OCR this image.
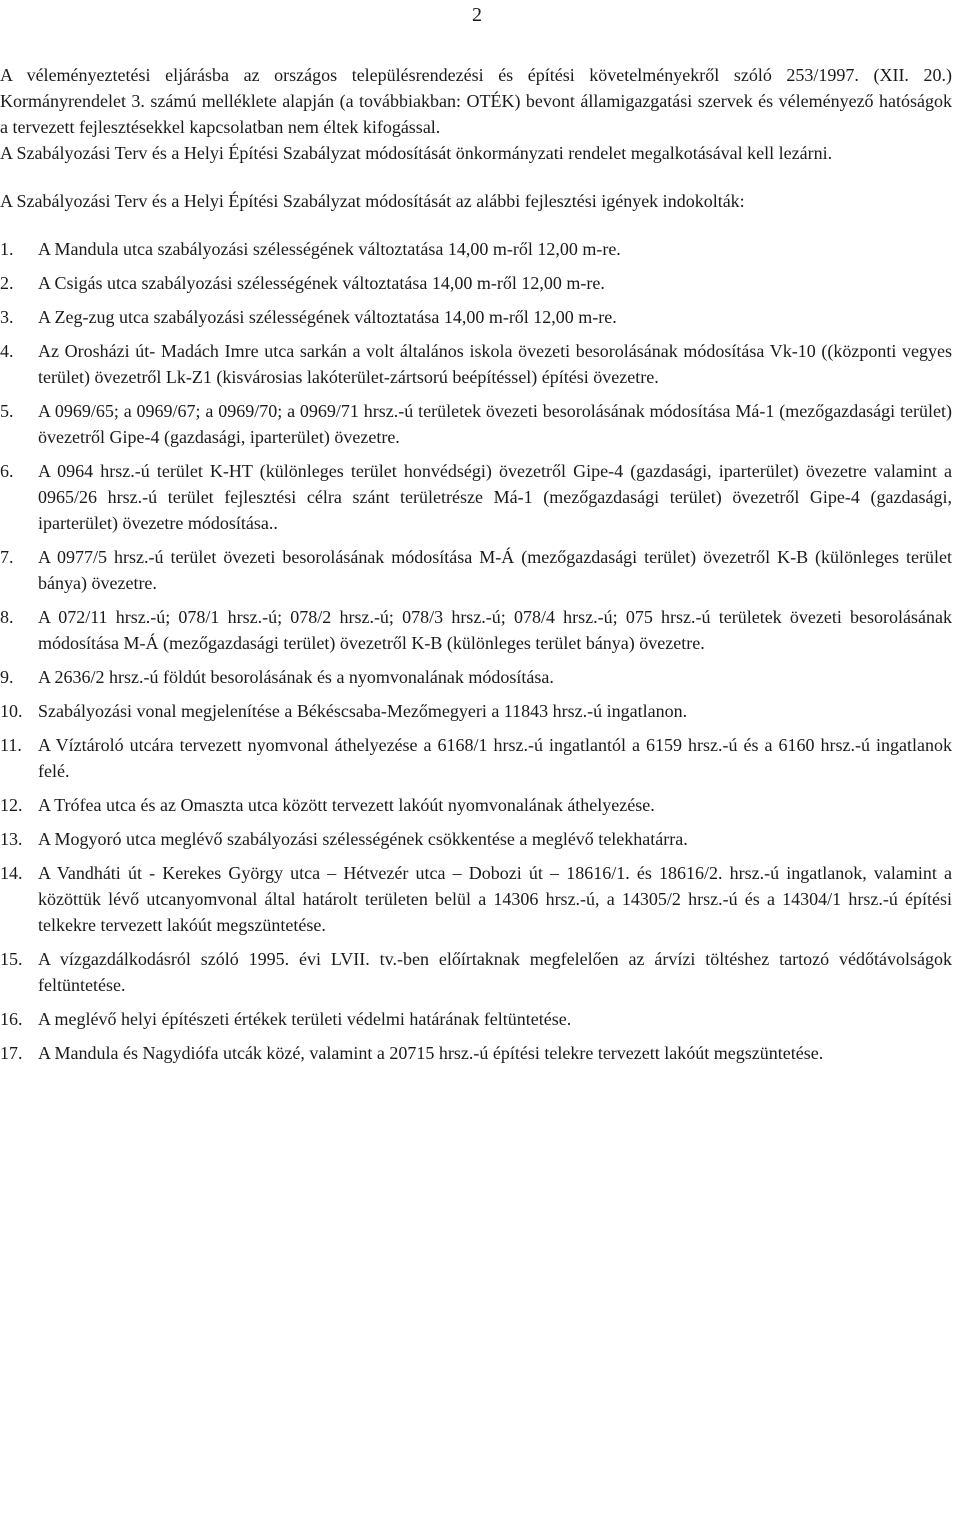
2

A véleményeztetési eljárásba az országos településrendezési és építési követelményekről szóló 253/1997. (XII. 20.) Kormányrendelet 3. számú melléklete alapján (a továbbiakban: OTÉK) bevont államigazgatási szervek és véleményező hatóságok a tervezett fejlesztésekkel kapcsolatban nem éltek kifogással.

A Szabályozási Terv és a Helyi Építési Szabályzat módosítását önkormányzati rendelet megalkotásával kell lezárni.

A Szabályozási Terv és a Helyi Építési Szabályzat módosítását az alábbi fejlesztési igények indokolták:

1.	A Mandula utca szabályozási szélességének változtatása 14,00 m-ről 12,00 m-re.
2.	A Csigás utca szabályozási szélességének változtatása 14,00 m-ről 12,00 m-re.
3.	A Zeg-zug utca szabályozási szélességének változtatása 14,00 m-ről 12,00 m-re.
4.	Az Orosházi út- Madách Imre utca sarkán a volt általános iskola övezeti besorolásának módosítása Vk-10 ((központi vegyes terület) övezetről Lk-Z1 (kisvárosias lakóterület-zártsorú beépítéssel) építési övezetre.
5.	A 0969/65; a 0969/67; a 0969/70; a 0969/71 hrsz.-ú területek övezeti besorolásának módosítása Má-1 (mezőgazdasági terület) övezetről Gipe-4 (gazdasági, iparterület) övezetre.
6.	A 0964 hrsz.-ú terület K-HT (különleges terület honvédségi) övezetről Gipe-4 (gazdasági, iparterület) övezetre valamint a 0965/26 hrsz.-ú terület fejlesztési célra szánt területrésze Má-1 (mezőgazdasági terület) övezetről Gipe-4 (gazdasági, iparterület) övezetre módosítása..
7.	A 0977/5 hrsz.-ú terület övezeti besorolásának módosítása M-Á (mezőgazdasági terület) övezetről K-B (különleges terület bánya) övezetre.
8.	A 072/11 hrsz.-ú; 078/1 hrsz.-ú; 078/2 hrsz.-ú; 078/3 hrsz.-ú; 078/4 hrsz.-ú; 075 hrsz.-ú területek övezeti besorolásának módosítása M-Á (mezőgazdasági terület) övezetről K-B (különleges terület bánya) övezetre.
9.	A 2636/2 hrsz.-ú földút besorolásának és a nyomvonalának módosítása.
10. Szabályozási vonal megjelenítése a Békéscsaba-Mezőmegyeri a 11843 hrsz.-ú ingatlanon.
11. A Víztároló utcára tervezett nyomvonal áthelyezése a 6168/1 hrsz.-ú ingatlantól a 6159 hrsz.-ú és a 6160 hrsz.-ú ingatlanok felé.
12. A Trófea utca és az Omaszta utca között tervezett lakóút nyomvonalának áthelyezése.
13. A Mogyoró utca meglévő szabályozási szélességének csökkentése a meglévő telekhatárra.
14. A Vandháti út - Kerekes György utca – Hétvezér utca – Dobozi út – 18616/1. és 18616/2. hrsz.-ú ingatlanok, valamint a közöttük lévő utcanyomvonal által határolt területen belül a 14306 hrsz.-ú, a 14305/2 hrsz.-ú és a 14304/1 hrsz.-ú építési telkekre tervezett lakóút megszüntetése.
15. A vízgazdálkodásról szóló 1995. évi LVII. tv.-ben előírtaknak megfelelően az árvízi töltéshez tartozó védőtávolságok feltüntetése.
16. A meglévő helyi építészeti értékek területi védelmi határának feltüntetése.
17. A Mandula és Nagydiófa utcák közé, valamint a 20715 hrsz.-ú építési telekre tervezett lakóút megszüntetése.
